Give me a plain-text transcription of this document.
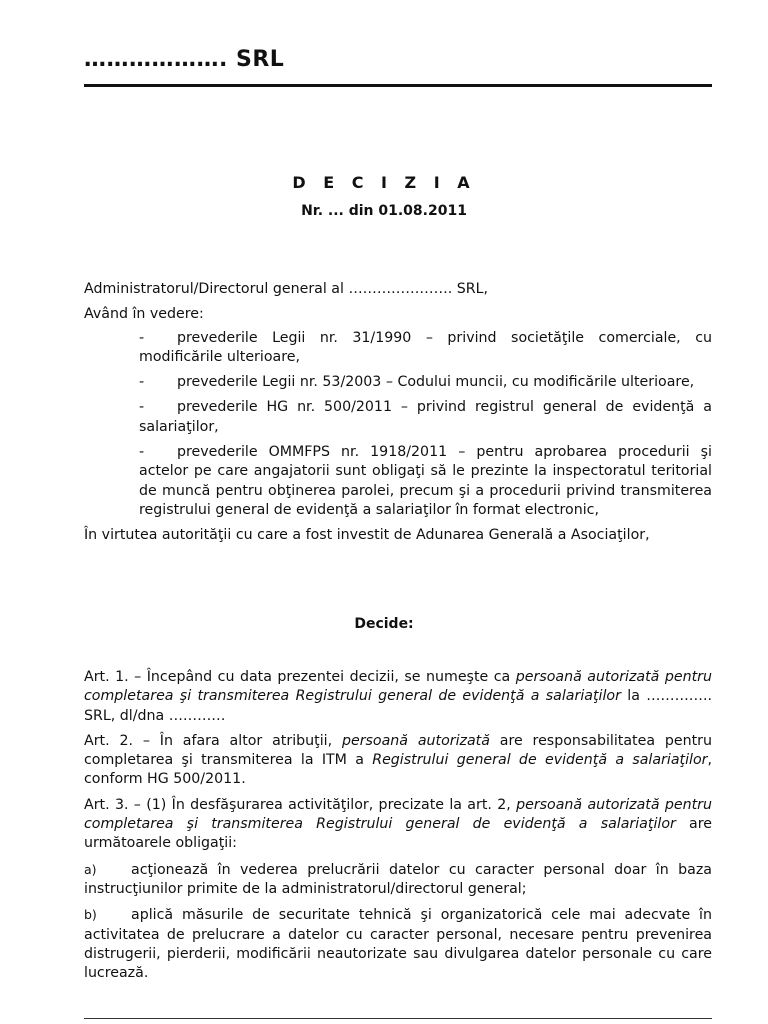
………………. SRL
D E C I Z I A
Nr. ... din 01.08.2011

Administratorul/Directorul general al …………………. SRL,

Având în vedere:

- prevederile Legii nr. 31/1990 – privind societăţile comerciale, cu modificările ulterioare,
- prevederile Legii nr. 53/2003 – Codului muncii, cu modificările ulterioare,
- prevederile HG nr. 500/2011 – privind registrul general de evidenţă a salariaţilor,
- prevederile OMMFPS nr. 1918/2011 – pentru aprobarea procedurii şi actelor pe care angajatorii sunt obligaţi să le prezinte la inspectoratul teritorial de muncă pentru obţinerea parolei, precum şi a procedurii privind transmiterea registrului general de evidenţă a salariaţilor în format electronic,

În virtutea autorităţii cu care a fost investit de Adunarea Generală a Asociaţilor,

Decide:

Art. 1. – Începând cu data prezentei decizii, se numeşte ca persoană autorizată pentru completarea şi transmiterea Registrului general de evidenţă a salariaţilor la ………….. SRL, dl/dna …………

Art. 2. – În afara altor atribuţii, persoană autorizată are responsabilitatea pentru completarea şi transmiterea la ITM a Registrului general de evidenţă a salariaţilor, conform HG 500/2011.

Art. 3. – (1) În desfăşurarea activităţilor, precizate la art. 2, persoană autorizată pentru completarea şi transmiterea Registrului general de evidenţă a salariaţilor are următoarele obligaţii:

a) acţionează în vederea prelucrării datelor cu caracter personal doar în baza instrucţiunilor primite de la administratorul/directorul general;

b) aplică măsurile de securitate tehnică şi organizatorică cele mai adecvate în activitatea de prelucrare a datelor cu caracter personal, necesare pentru prevenirea distrugerii, pierderii, modificării neautorizate sau divulgarea datelor personale cu care lucrează.
